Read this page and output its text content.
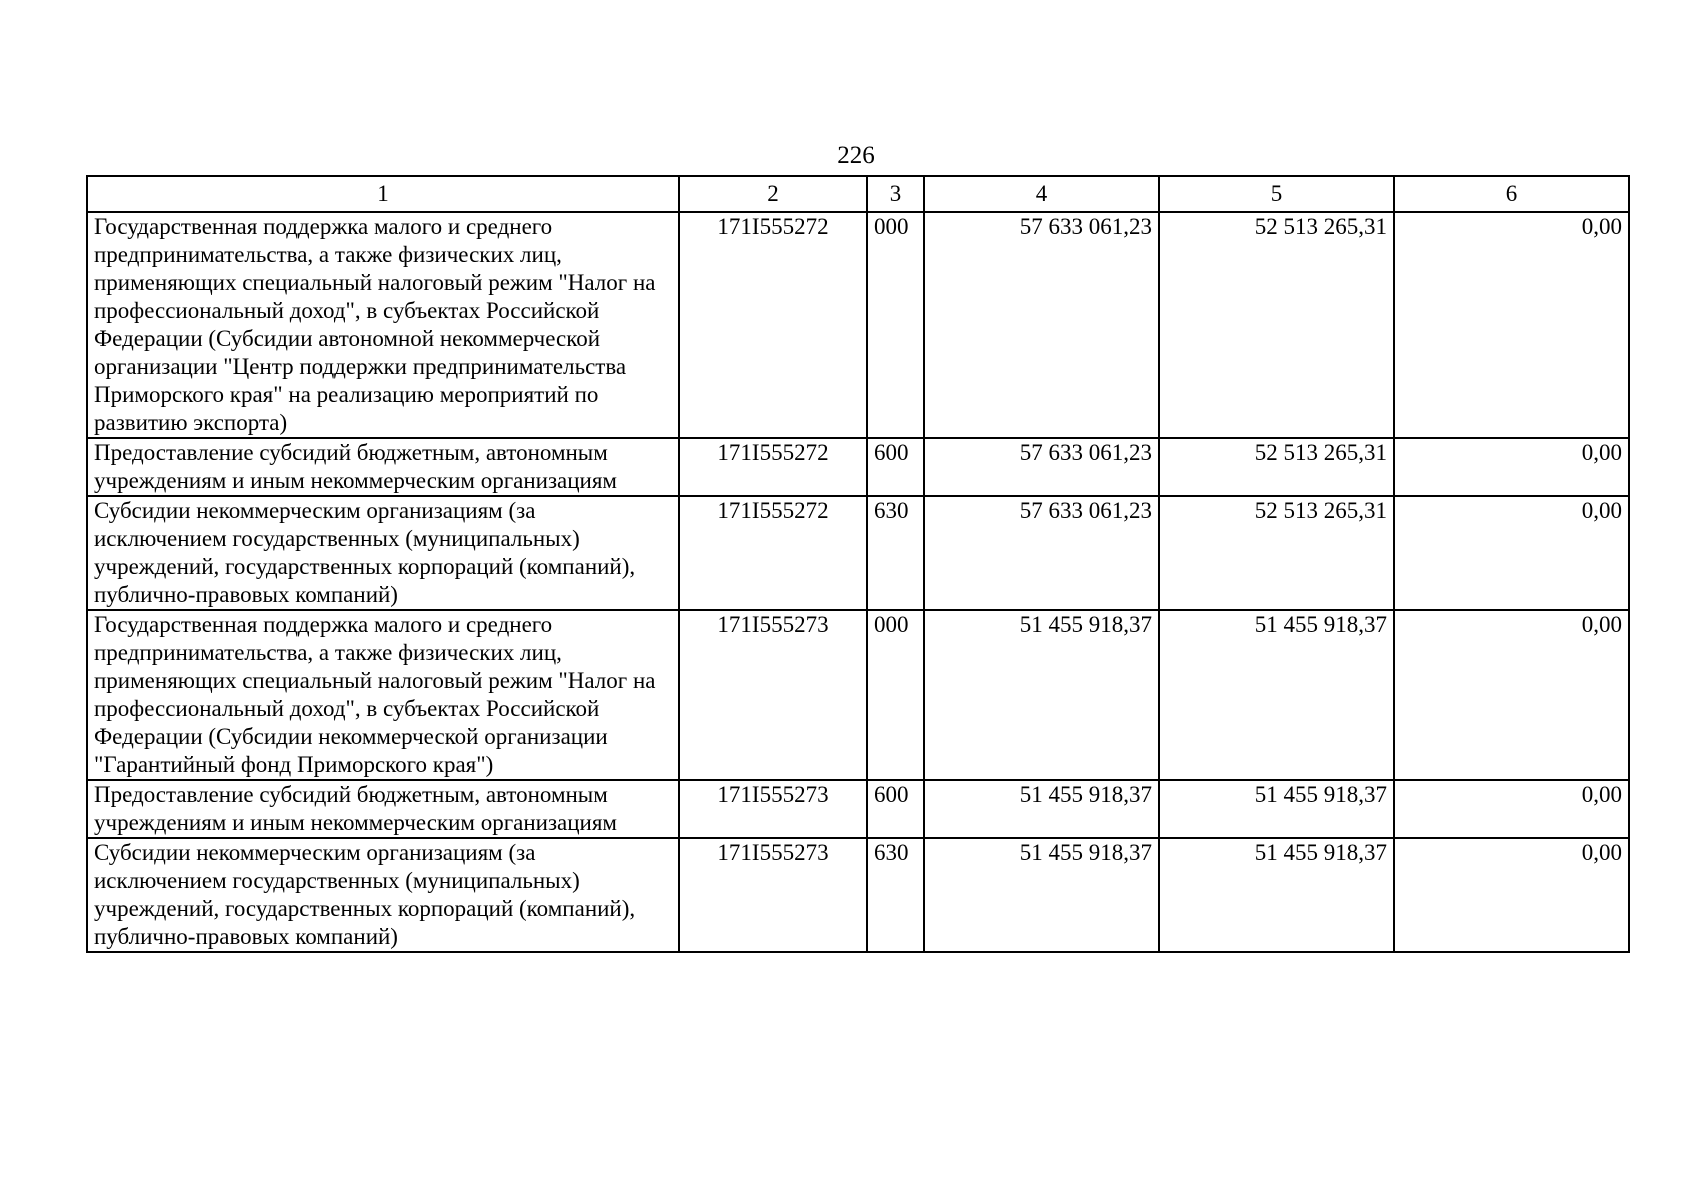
226
1	2	3	4	5	6
Государственная поддержка малого и среднего предпринимательства, а также физических лиц, применяющих специальный налоговый режим "Налог на профессиональный доход", в субъектах Российской Федерации (Субсидии автономной некоммерческой организации "Центр поддержки предпринимательства Приморского края" на реализацию мероприятий по развитию экспорта)	171I555272	000	57 633 061,23	52 513 265,31	0,00
Предоставление субсидий бюджетным, автономным учреждениям и иным некоммерческим организациям	171I555272	600	57 633 061,23	52 513 265,31	0,00
Субсидии некоммерческим организациям (за исключением государственных (муниципальных) учреждений, государственных корпораций (компаний), публично-правовых компаний)	171I555272	630	57 633 061,23	52 513 265,31	0,00
Государственная поддержка малого и среднего предпринимательства, а также физических лиц, применяющих специальный налоговый режим "Налог на профессиональный доход", в субъектах Российской Федерации (Субсидии некоммерческой организации "Гарантийный фонд Приморского края")	171I555273	000	51 455 918,37	51 455 918,37	0,00
Предоставление субсидий бюджетным, автономным учреждениям и иным некоммерческим организациям	171I555273	600	51 455 918,37	51 455 918,37	0,00
Субсидии некоммерческим организациям (за исключением государственных (муниципальных) учреждений, государственных корпораций (компаний), публично-правовых компаний)	171I555273	630	51 455 918,37	51 455 918,37	0,00
